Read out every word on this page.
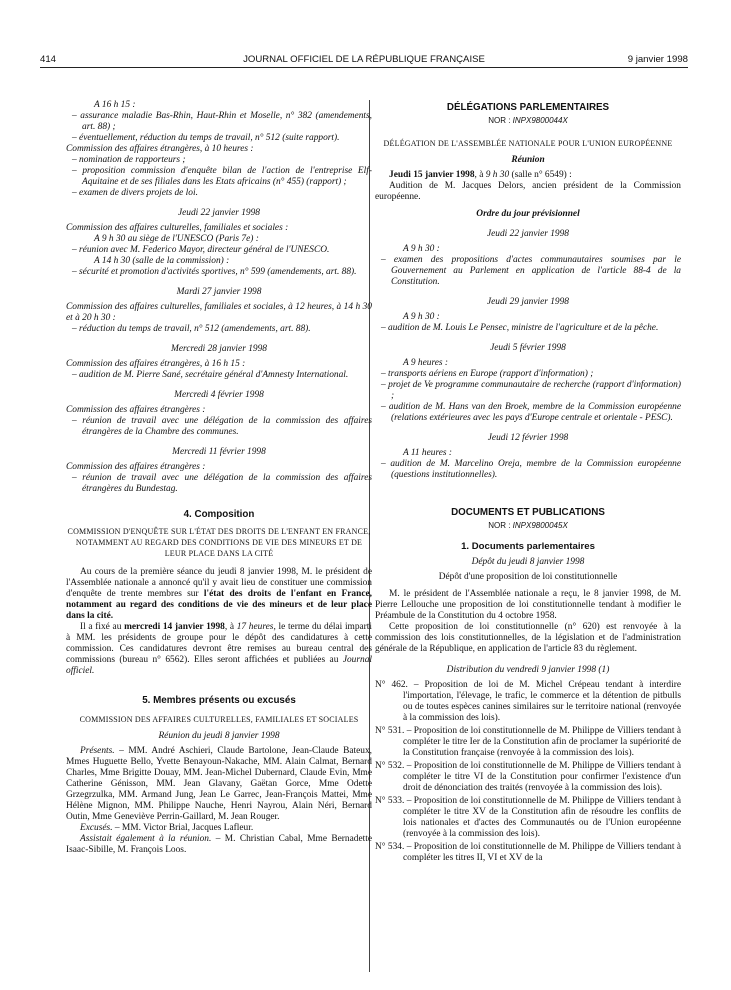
414	JOURNAL OFFICIEL DE LA RÉPUBLIQUE FRANÇAISE	9 janvier 1998

A 16 h 15 :

– assurance maladie Bas-Rhin, Haut-Rhin et Moselle, n° 382 (amendements, art. 88) ;

– éventuellement, réduction du temps de travail, n° 512 (suite rapport).

Commission des affaires étrangères, à 10 heures :

– nomination de rapporteurs ;

– proposition commission d'enquête bilan de l'action de l'entreprise Elf-Aquitaine et de ses filiales dans les Etats africains (n° 455) (rapport) ;

– examen de divers projets de loi.

Jeudi 22 janvier 1998

Commission des affaires culturelles, familiales et sociales :

A 9 h 30 au siège de l'UNESCO (Paris 7e) :

– réunion avec M. Federico Mayor, directeur général de l'UNESCO.

A 14 h 30 (salle de la commission) :

– sécurité et promotion d'activités sportives, n° 599 (amendements, art. 88).

Mardi 27 janvier 1998

Commission des affaires culturelles, familiales et sociales, à 12 heures, à 14 h 30 et à 20 h 30 :

– réduction du temps de travail, n° 512 (amendements, art. 88).

Mercredi 28 janvier 1998

Commission des affaires étrangères, à 16 h 15 :

– audition de M. Pierre Sané, secrétaire général d'Amnesty International.

Mercredi 4 février 1998

Commission des affaires étrangères :

– réunion de travail avec une délégation de la commission des affaires étrangères de la Chambre des communes.

Mercredi 11 février 1998

Commission des affaires étrangères :

– réunion de travail avec une délégation de la commission des affaires étrangères du Bundestag.

4. Composition

COMMISSION D'ENQUÊTE SUR L'ÉTAT DES DROITS DE L'ENFANT EN FRANCE, NOTAMMENT AU REGARD DES CONDITIONS DE VIE DES MINEURS ET DE LEUR PLACE DANS LA CITÉ

Au cours de la première séance du jeudi 8 janvier 1998, M. le président de l'Assemblée nationale a annoncé qu'il y avait lieu de constituer une commission d'enquête de trente membres sur l'état des droits de l'enfant en France, notamment au regard des conditions de vie des mineurs et de leur place dans la cité.

Il a fixé au mercredi 14 janvier 1998, à 17 heures, le terme du délai imparti à MM. les présidents de groupe pour le dépôt des candidatures à cette commission. Ces candidatures devront être remises au bureau central des commissions (bureau n° 6562). Elles seront affichées et publiées au Journal officiel.

5. Membres présents ou excusés

COMMISSION DES AFFAIRES CULTURELLES, FAMILIALES ET SOCIALES

Réunion du jeudi 8 janvier 1998

Présents. – MM. André Aschieri, Claude Bartolone, Jean-Claude Bateux, Mmes Huguette Bello, Yvette Benayoun-Nakache, MM. Alain Calmat, Bernard Charles, Mme Brigitte Douay, MM. Jean-Michel Dubernard, Claude Evin, Mme Catherine Génisson, MM. Jean Glavany, Gaëtan Gorce, Mme Odette Grzegrzulka, MM. Armand Jung, Jean Le Garrec, Jean-François Mattei, Mme Hélène Mignon, MM. Philippe Nauche, Henri Nayrou, Alain Néri, Bernard Outin, Mme Geneviève Perrin-Gaillard, M. Jean Rouger.

Excusés. – MM. Victor Brial, Jacques Lafleur.

Assistait également à la réunion. – M. Christian Cabal, Mme Bernadette Isaac-Sibille, M. François Loos.

DÉLÉGATIONS PARLEMENTAIRES

NOR : INPX9800044X

DÉLÉGATION DE L'ASSEMBLÉE NATIONALE POUR L'UNION EUROPÉENNE

Réunion

Jeudi 15 janvier 1998, à 9 h 30 (salle n° 6549) :

Audition de M. Jacques Delors, ancien président de la Commission européenne.

Ordre du jour prévisionnel

Jeudi 22 janvier 1998

A 9 h 30 :

– examen des propositions d'actes communautaires soumises par le Gouvernement au Parlement en application de l'article 88-4 de la Constitution.

Jeudi 29 janvier 1998

A 9 h 30 :

– audition de M. Louis Le Pensec, ministre de l'agriculture et de la pêche.

Jeudi 5 février 1998

A 9 heures :

– transports aériens en Europe (rapport d'information) ;

– projet de Ve programme communautaire de recherche (rapport d'information) ;

– audition de M. Hans van den Broek, membre de la Commission européenne (relations extérieures avec les pays d'Europe centrale et orientale - PESC).

Jeudi 12 février 1998

A 11 heures :

– audition de M. Marcelino Oreja, membre de la Commission européenne (questions institutionnelles).

DOCUMENTS ET PUBLICATIONS

NOR : INPX9800045X

1. Documents parlementaires

Dépôt du jeudi 8 janvier 1998

Dépôt d'une proposition de loi constitutionnelle

M. le président de l'Assemblée nationale a reçu, le 8 janvier 1998, de M. Pierre Lellouche une proposition de loi constitutionnelle tendant à modifier le Préambule de la Constitution du 4 octobre 1958.

Cette proposition de loi constitutionnelle (n° 620) est renvoyée à la commission des lois constitutionnelles, de la législation et de l'administration générale de la République, en application de l'article 83 du règlement.

Distribution du vendredi 9 janvier 1998 (1)

N° 462. – Proposition de loi de M. Michel Crépeau tendant à interdire l'importation, l'élevage, le trafic, le commerce et la détention de pitbulls ou de toutes espèces canines similaires sur le territoire national (renvoyée à la commission des lois).

N° 531. – Proposition de loi constitutionnelle de M. Philippe de Villiers tendant à compléter le titre Ier de la Constitution afin de proclamer la supériorité de la Constitution française (renvoyée à la commission des lois).

N° 532. – Proposition de loi constitutionnelle de M. Philippe de Villiers tendant à compléter le titre VI de la Constitution pour confirmer l'existence d'un droit de dénonciation des traités (renvoyée à la commission des lois).

N° 533. – Proposition de loi constitutionnelle de M. Philippe de Villiers tendant à compléter le titre XV de la Constitution afin de résoudre les conflits de lois nationales et d'actes des Communautés ou de l'Union européenne (renvoyée à la commission des lois).

N° 534. – Proposition de loi constitutionnelle de M. Philippe de Villiers tendant à compléter les titres II, VI et XV de la
